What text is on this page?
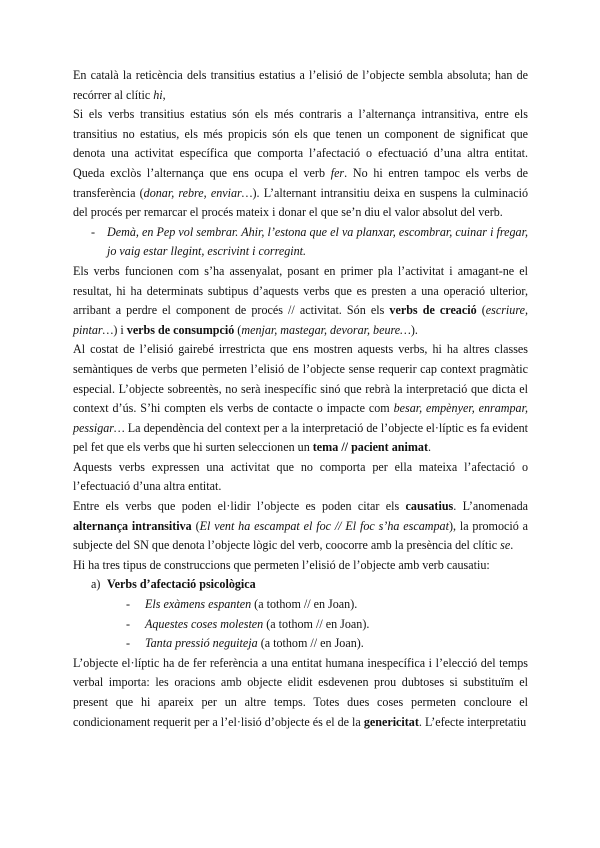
En català la reticència dels transitius estatius a l’elisió de l’objecte sembla absoluta; han de recórrer al clític hi,

Si els verbs transitius estatius són els més contraris a l’alternança intransitiva, entre els transitius no estatius, els més propicis són els que tenen un component de significat que denota una activitat específica que comporta l’afectació o efectuació d’una altra entitat. Queda exclòs l’alternança que ens ocupa el verb fer. No hi entren tampoc els verbs de transferència (donar, rebre, enviar…). L’alternant intransitiu deixa en suspens la culminació del procés per remarcar el procés mateix i donar el que se’n diu el valor absolut del verb.

- Demà, en Pep vol sembrar. Ahir, l’estona que el va planxar, escombrar, cuinar i fregar, jo vaig estar llegint, escrivint i corregint.

Els verbs funcionen com s’ha assenyalat, posant en primer pla l’activitat i amagant-ne el resultat, hi ha determinats subtipus d’aquests verbs que es presten a una operació ulterior, arribant a perdre el component de procés // activitat. Són els verbs de creació (escriure, pintar…) i verbs de consumpció (menjar, mastegar, devorar, beure…).

Al costat de l’elisió gairebé irrestricta que ens mostren aquests verbs, hi ha altres classes semàntiques de verbs que permeten l’elisió de l’objecte sense requerir cap context pragmàtic especial. L’objecte sobreentès, no serà inespecífic sinó que rebrà la interpretació que dicta el context d’ús. S’hi compten els verbs de contacte o impacte com besar, empènyer, enrampar, pessigar… La dependència del context per a la interpretació de l’objecte el·líptic es fa evident pel fet que els verbs que hi surten seleccionen un tema // pacient animat.

Aquests verbs expressen una activitat que no comporta per ella mateixa l’afectació o l’efectuació d’una altra entitat.

Entre els verbs que poden el·lidir l’objecte es poden citar els causatius. L’anomenada alternança intransitiva (El vent ha escampat el foc // El foc s’ha escampat), la promoció a subjecte del SN que denota l’objecte lògic del verb, coocorre amb la presència del clític se.

Hi ha tres tipus de construccions que permeten l’elisió de l’objecte amb verb causatiu:

a) Verbs d’afectació psicològica
- Els exàmens espanten (a tothom // en Joan).
- Aquestes coses molesten (a tothom // en Joan).
- Tanta pressió neguiteja (a tothom // en Joan).

L’objecte el·líptic ha de fer referència a una entitat humana inespecífica i l’elecció del temps verbal importa: les oracions amb objecte elidit esdevenen prou dubtoses si substituïm el present que hi apareix per un altre temps. Totes dues coses permeten concloure el condicionament requerit per a l’el·lisió d’objecte és el de la genericitat. L’efecte interpretatiu
